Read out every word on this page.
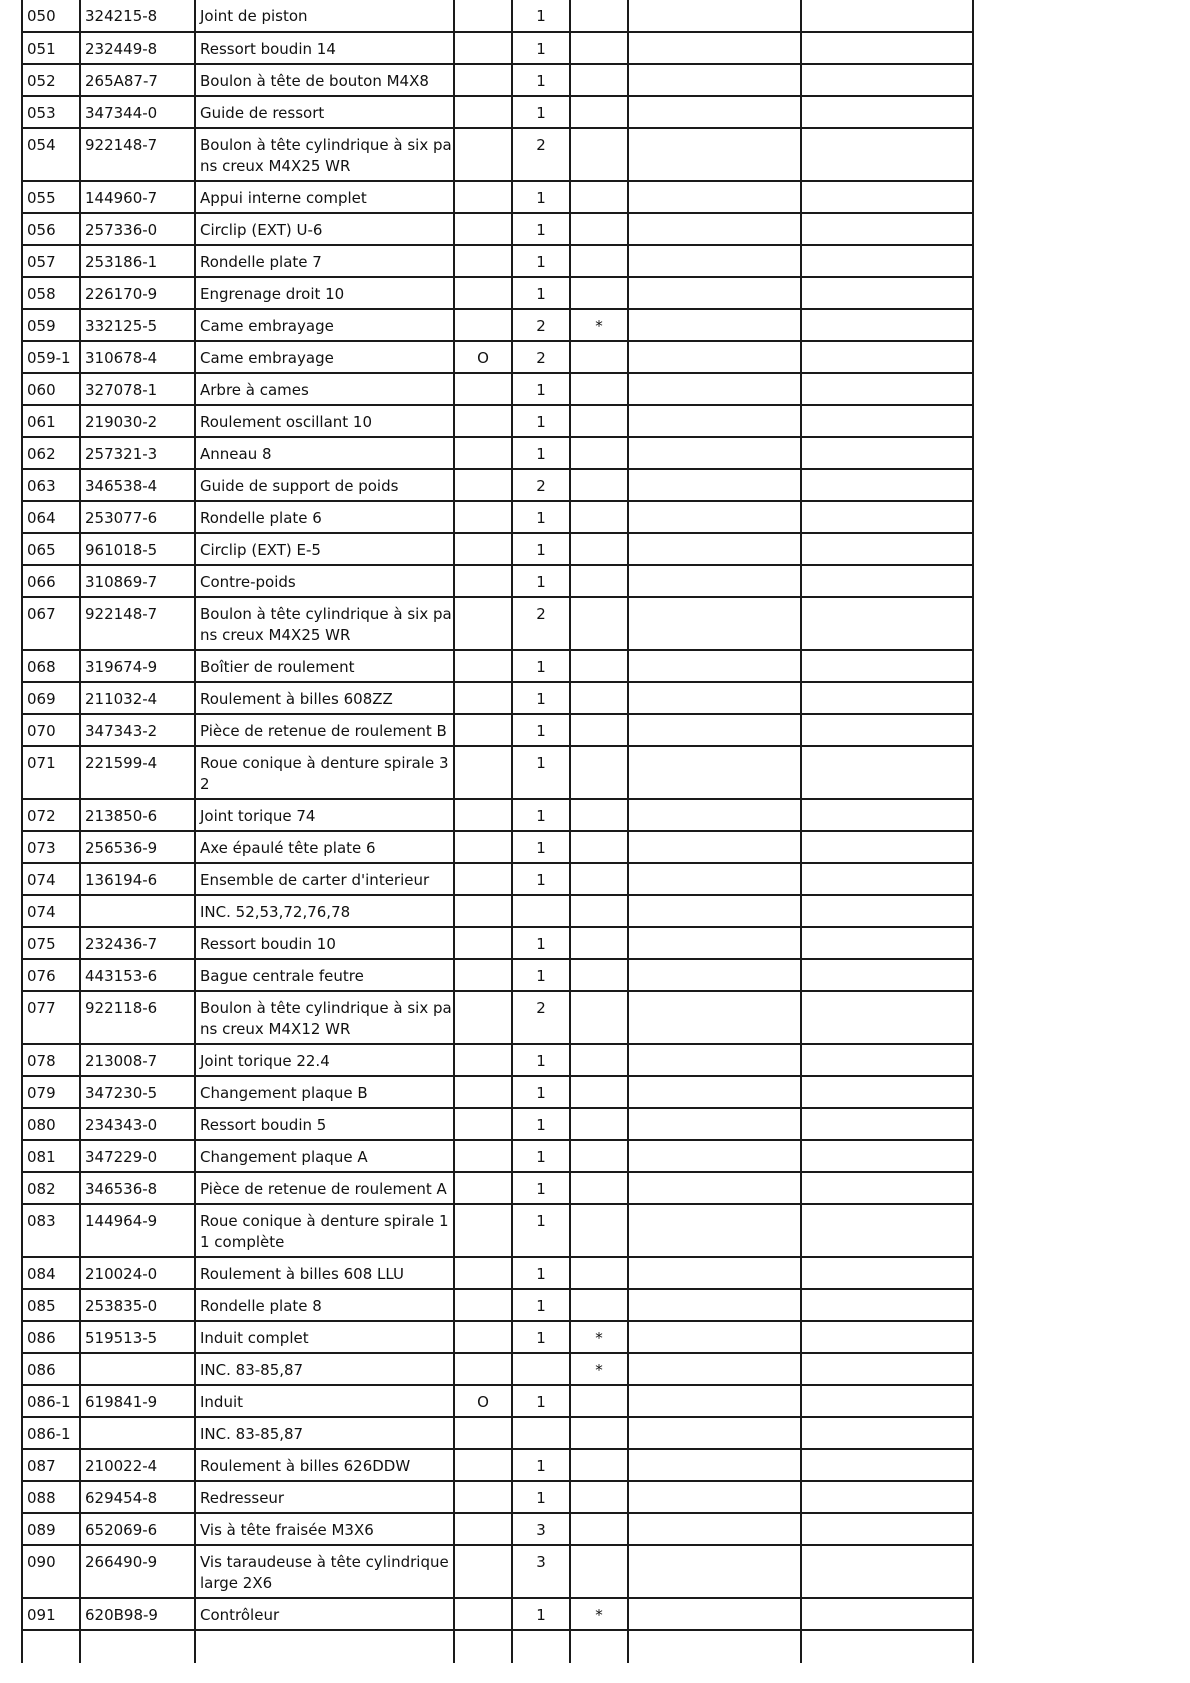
050	324215-8	Joint de piston		1			
051	232449-8	Ressort boudin 14		1			
052	265A87-7	Boulon à tête de bouton M4X8		1			
053	347344-0	Guide de ressort		1			
054	922148-7	Boulon à tête cylindrique à six pa
ns creux M4X25 WR		2			
055	144960-7	Appui interne complet		1			
056	257336-0	Circlip (EXT) U-6		1			
057	253186-1	Rondelle plate 7		1			
058	226170-9	Engrenage droit 10		1			
059	332125-5	Came embrayage		2	*		
059-1	310678-4	Came embrayage	O	2			
060	327078-1	Arbre à cames		1			
061	219030-2	Roulement oscillant 10		1			
062	257321-3	Anneau 8		1			
063	346538-4	Guide de support de poids		2			
064	253077-6	Rondelle plate 6		1			
065	961018-5	Circlip (EXT) E-5		1			
066	310869-7	Contre-poids		1			
067	922148-7	Boulon à tête cylindrique à six pa
ns creux M4X25 WR		2			
068	319674-9	Boîtier de roulement		1			
069	211032-4	Roulement à billes 608ZZ		1			
070	347343-2	Pièce de retenue de roulement B		1			
071	221599-4	Roue conique à denture spirale 3
2		1			
072	213850-6	Joint torique 74		1			
073	256536-9	Axe épaulé tête plate 6		1			
074	136194-6	Ensemble de carter d'interieur		1			
074		INC. 52,53,72,76,78					
075	232436-7	Ressort boudin 10		1			
076	443153-6	Bague centrale feutre		1			
077	922118-6	Boulon à tête cylindrique à six pa
ns creux M4X12 WR		2			
078	213008-7	Joint torique 22.4		1			
079	347230-5	Changement plaque B		1			
080	234343-0	Ressort boudin 5		1			
081	347229-0	Changement plaque A		1			
082	346536-8	Pièce de retenue de roulement A		1			
083	144964-9	Roue conique à denture spirale 1
1 complète		1			
084	210024-0	Roulement à billes 608 LLU		1			
085	253835-0	Rondelle plate 8		1			
086	519513-5	Induit complet		1	*		
086		INC. 83-85,87			*		
086-1	619841-9	Induit	O	1			
086-1		INC. 83-85,87					
087	210022-4	Roulement à billes 626DDW		1			
088	629454-8	Redresseur		1			
089	652069-6	Vis à tête fraisée M3X6		3			
090	266490-9	Vis taraudeuse à tête cylindrique
large 2X6		3			
091	620B98-9	Contrôleur		1	*		
